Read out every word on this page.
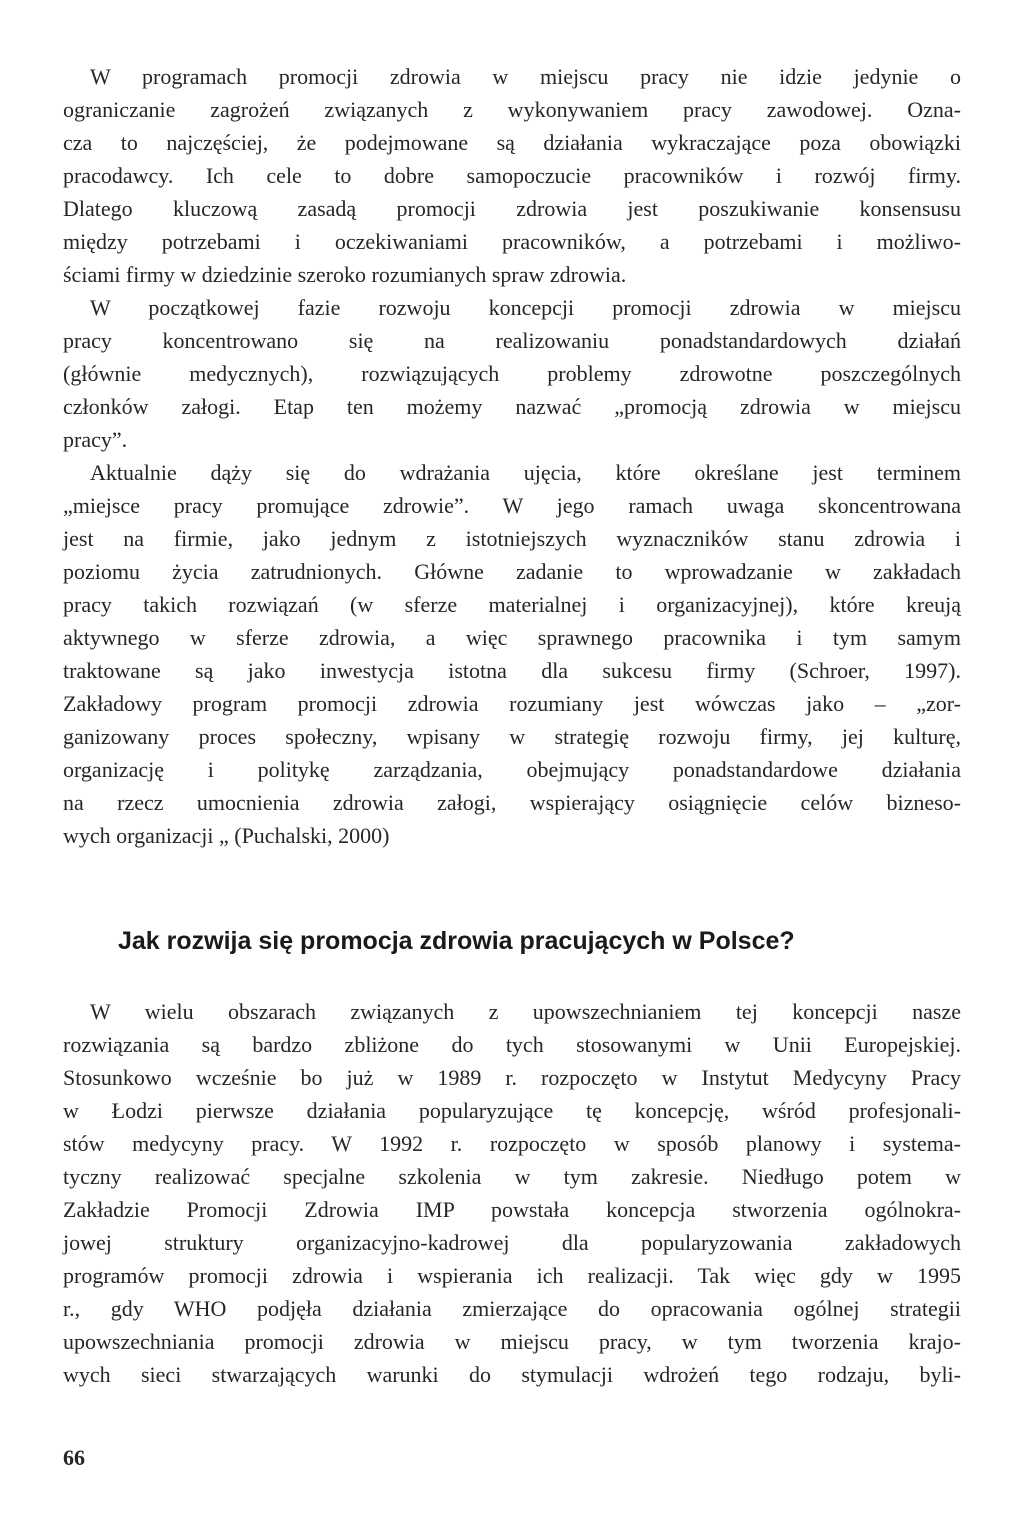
W programach promocji zdrowia w miejscu pracy nie idzie jedynie o
ograniczanie zagrożeń związanych z wykonywaniem pracy zawodowej. Ozna-
cza to najczęściej, że podejmowane są działania wykraczające poza obowiązki
pracodawcy. Ich cele to dobre samopoczucie pracowników i rozwój firmy.
Dlatego kluczową zasadą promocji zdrowia jest poszukiwanie konsensusu
między potrzebami i oczekiwaniami pracowników, a potrzebami i możliwo-
ściami firmy w dziedzinie szeroko rozumianych spraw zdrowia.
W początkowej fazie rozwoju koncepcji promocji zdrowia w miejscu
pracy koncentrowano się na realizowaniu ponadstandardowych działań
(głównie medycznych), rozwiązujących problemy zdrowotne poszczególnych
członków załogi. Etap ten możemy nazwać „promocją zdrowia w miejscu
pracy”.
Aktualnie dąży się do wdrażania ujęcia, które określane jest terminem
„miejsce pracy promujące zdrowie”. W jego ramach uwaga skoncentrowana
jest na firmie, jako jednym z istotniejszych wyznaczników stanu zdrowia i
poziomu życia zatrudnionych. Główne zadanie to wprowadzanie w zakładach
pracy takich rozwiązań (w sferze materialnej i organizacyjnej), które kreują
aktywnego w sferze zdrowia, a więc sprawnego pracownika i tym samym
traktowane są jako inwestycja istotna dla sukcesu firmy (Schroer, 1997).
Zakładowy program promocji zdrowia rozumiany jest wówczas jako – „zor-
ganizowany proces społeczny, wpisany w strategię rozwoju firmy, jej kulturę,
organizację i politykę zarządzania, obejmujący ponadstandardowe działania
na rzecz umocnienia zdrowia załogi, wspierający osiągnięcie celów bizneso-
wych organizacji „ (Puchalski, 2000)
Jak rozwija się promocja zdrowia pracujących w Polsce?
W wielu obszarach związanych z upowszechnianiem tej koncepcji nasze
rozwiązania są bardzo zbliżone do tych stosowanymi w Unii Europejskiej.
Stosunkowo wcześnie bo już w 1989 r. rozpoczęto w Instytut Medycyny Pracy
w Łodzi pierwsze działania popularyzujące tę koncepcję, wśród profesjonali-
stów medycyny pracy. W 1992 r. rozpoczęto w sposób planowy i systema-
tyczny realizować specjalne szkolenia w tym zakresie. Niedługo potem w
Zakładzie Promocji Zdrowia IMP powstała koncepcja stworzenia ogólnokra-
jowej struktury organizacyjno-kadrowej dla popularyzowania zakładowych
programów promocji zdrowia i wspierania ich realizacji. Tak więc gdy w 1995
r., gdy WHO podjęła działania zmierzające do opracowania ogólnej strategii
upowszechniania promocji zdrowia w miejscu pracy, w tym tworzenia krajo-
wych sieci stwarzających warunki do stymulacji wdrożeń tego rodzaju, byli-
66
